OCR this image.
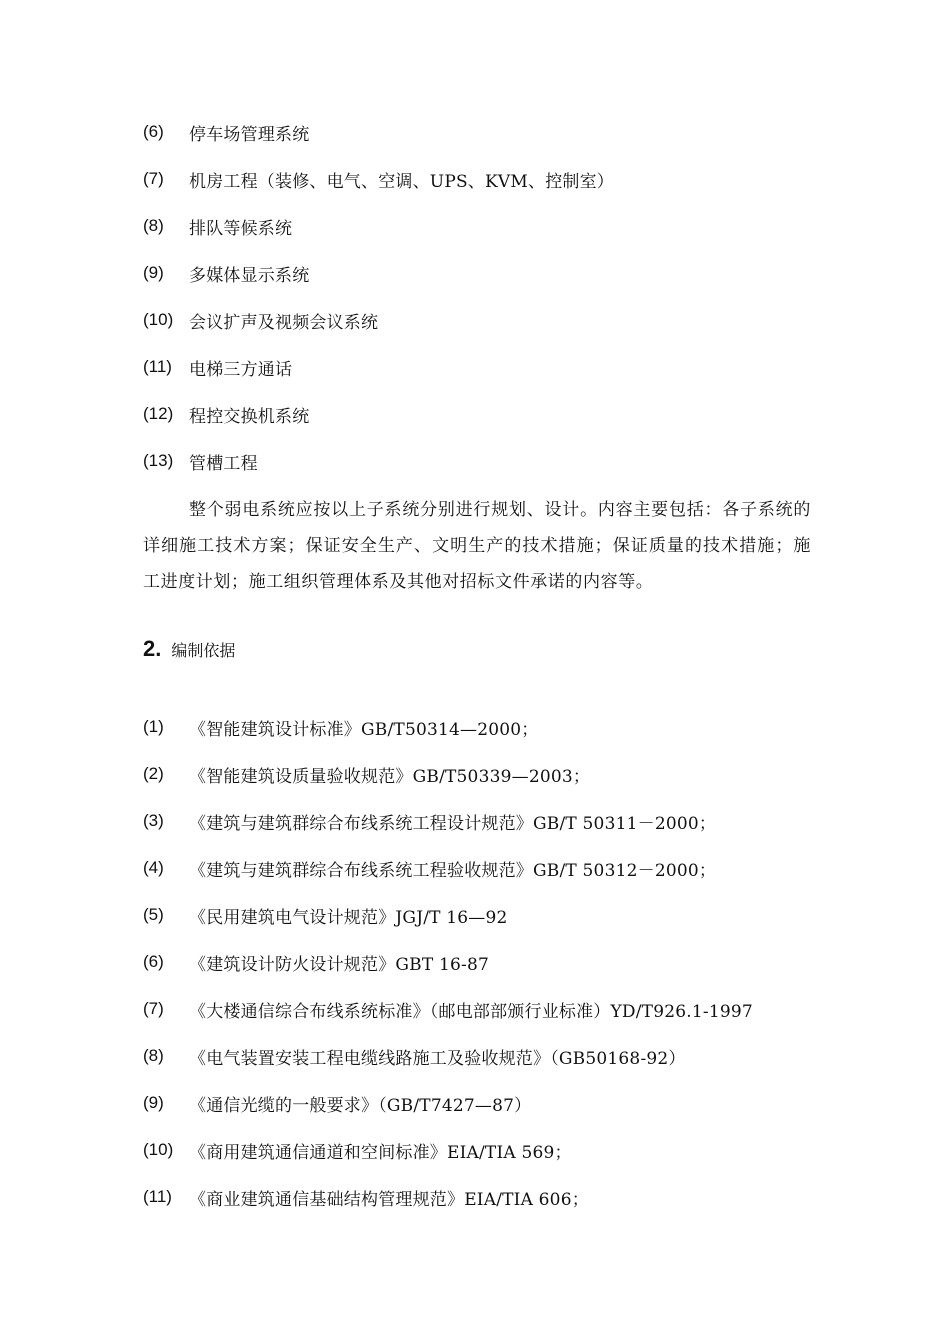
(6)	停车场管理系统
(7)	机房工程（装修、电气、空调、UPS、KVM、控制室）
(8)	排队等候系统
(9)	多媒体显示系统
(10) 会议扩声及视频会议系统
(11)	电梯三方通话
(12) 程控交换机系统
(13) 管槽工程
整个弱电系统应按以上子系统分别进行规划、设计。内容主要包括：各子系统的详细施工技术方案；保证安全生产、文明生产的技术措施；保证质量的技术措施；施工进度计划；施工组织管理体系及其他对招标文件承诺的内容等。
2. 编制依据
(1)	《智能建筑设计标准》GB/T50314—2000；
(2)	《智能建筑设质量验收规范》GB/T50339—2003；
(3)	《建筑与建筑群综合布线系统工程设计规范》GB/T 50311－2000；
(4)	《建筑与建筑群综合布线系统工程验收规范》GB/T 50312－2000；
(5)	《民用建筑电气设计规范》JGJ/T 16—92
(6)	《建筑设计防火设计规范》GBT 16-87
(7)	《大楼通信综合布线系统标准》（邮电部部颁行业标准）YD/T926.1-1997
(8)	《电气装置安装工程电缆线路施工及验收规范》（GB50168-92）
(9)	《通信光缆的一般要求》（GB/T7427—87）
(10) 《商用建筑通信通道和空间标准》EIA/TIA 569；
(11)	《商业建筑通信基础结构管理规范》EIA/TIA 606；
